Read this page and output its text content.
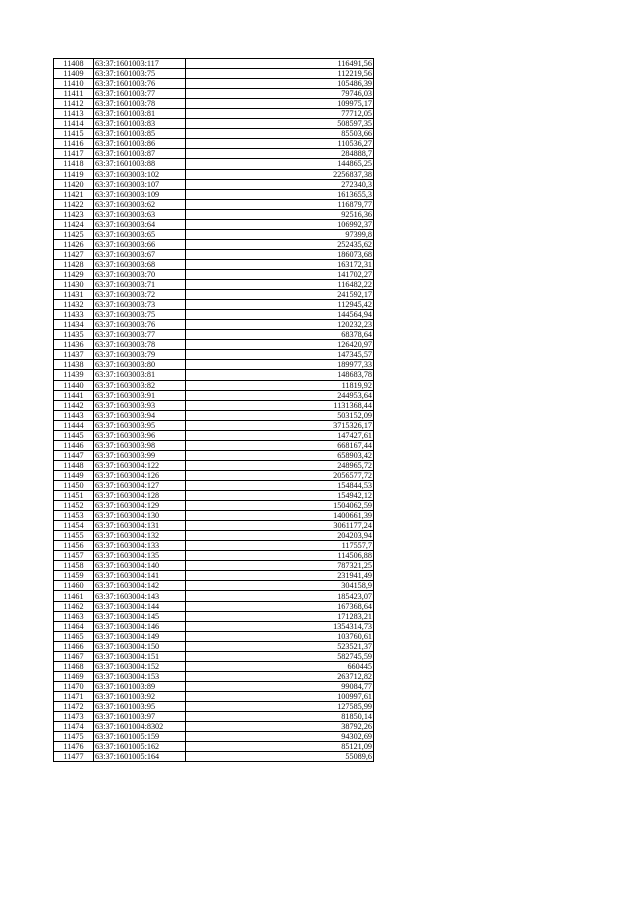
11408	63:37:1601003:117	116491,56
11409	63:37:1601003:75	112219,56
11410	63:37:1601003:76	105486,39
11411	63:37:1601003:77	79746,03
11412	63:37:1601003:78	109975,17
11413	63:37:1601003:81	77712,05
11414	63:37:1601003:83	508597,35
11415	63:37:1601003:85	85503,66
11416	63:37:1601003:86	110536,27
11417	63:37:1601003:87	284888,7
11418	63:37:1601003:88	144865,25
11419	63:37:1603003:102	2256837,38
11420	63:37:1603003:107	272340,3
11421	63:37:1603003:109	1613655,3
11422	63:37:1603003:62	116879,77
11423	63:37:1603003:63	92516,36
11424	63:37:1603003:64	106992,37
11425	63:37:1603003:65	97399,8
11426	63:37:1603003:66	252435,62
11427	63:37:1603003:67	186073,68
11428	63:37:1603003:68	163172,31
11429	63:37:1603003:70	141702,27
11430	63:37:1603003:71	116482,22
11431	63:37:1603003:72	241592,17
11432	63:37:1603003:73	112945,42
11433	63:37:1603003:75	144564,94
11434	63:37:1603003:76	120232,23
11435	63:37:1603003:77	68378,64
11436	63:37:1603003:78	126420,97
11437	63:37:1603003:79	147345,57
11438	63:37:1603003:80	189977,33
11439	63:37:1603003:81	148683,78
11440	63:37:1603003:82	11819,92
11441	63:37:1603003:91	244953,64
11442	63:37:1603003:93	1131368,44
11443	63:37:1603003:94	503152,09
11444	63:37:1603003:95	3715326,17
11445	63:37:1603003:96	147427,61
11446	63:37:1603003:98	668167,44
11447	63:37:1603003:99	658903,42
11448	63:37:1603004:122	248965,72
11449	63:37:1603004:126	2056577,72
11450	63:37:1603004:127	154844,53
11451	63:37:1603004:128	154942,12
11452	63:37:1603004:129	1504062,59
11453	63:37:1603004:130	1400661,39
11454	63:37:1603004:131	3061177,24
11455	63:37:1603004:132	204203,94
11456	63:37:1603004:133	117557,7
11457	63:37:1603004:135	114506,88
11458	63:37:1603004:140	787321,25
11459	63:37:1603004:141	231941,49
11460	63:37:1603004:142	304158,9
11461	63:37:1603004:143	185423,07
11462	63:37:1603004:144	167368,64
11463	63:37:1603004:145	171283,21
11464	63:37:1603004:146	1354314,73
11465	63:37:1603004:149	103760,61
11466	63:37:1603004:150	523521,37
11467	63:37:1603004:151	582745,59
11468	63:37:1603004:152	660445
11469	63:37:1603004:153	263712,82
11470	63:37:1601003:89	99084,77
11471	63:37:1601003:92	100997,61
11472	63:37:1601003:95	127585,99
11473	63:37:1601003:97	81850,14
11474	63:37:1601004:8302	38792,26
11475	63:37:1601005:159	94302,69
11476	63:37:1601005:162	85121,09
11477	63:37:1601005:164	55089,6
